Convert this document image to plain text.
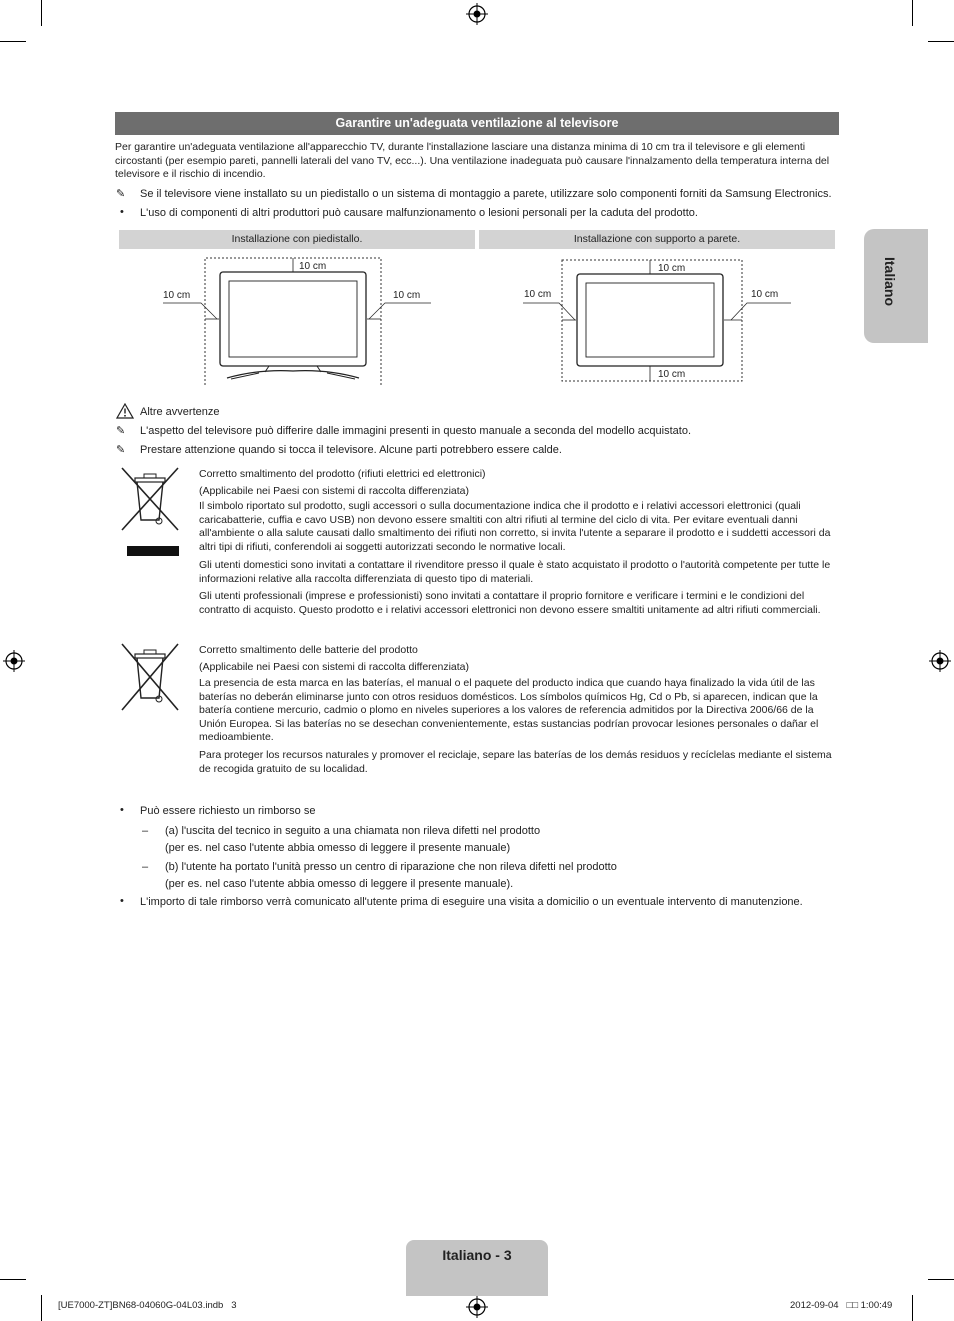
Garantire un'adeguata ventilazione al televisore
Per garantire un'adeguata ventilazione all'apparecchio TV, durante l'installazione lasciare una distanza minima di 10 cm tra il televisore e gli elementi circostanti (per esempio pareti, pannelli laterali del vano TV, ecc...). Una ventilazione inadeguata può causare l'innalzamento della temperatura interna del televisore e il rischio di incendio.
✎ Se il televisore viene installato su un piedistallo o un sistema di montaggio a parete, utilizzare solo componenti forniti da Samsung Electronics.
• L'uso di componenti di altri produttori può causare malfunzionamento o lesioni personali per la caduta del prodotto.
Installazione con piedistallo.	Installazione con supporto a parete.
10 cm
10 cm	10 cm
10 cm
10 cm	10 cm
10 cm
Altre avvertenze
✎ L'aspetto del televisore può differire dalle immagini presenti in questo manuale a seconda del modello acquistato.
✎ Prestare attenzione quando si tocca il televisore. Alcune parti potrebbero essere calde.
Corretto smaltimento del prodotto (rifiuti elettrici ed elettronici)
(Applicabile nei Paesi con sistemi di raccolta differenziata)
Il simbolo riportato sul prodotto, sugli accessori o sulla documentazione indica che il prodotto e i relativi accessori elettronici (quali caricabatterie, cuffia e cavo USB) non devono essere smaltiti con altri rifiuti al termine del ciclo di vita. Per evitare eventuali danni all'ambiente o alla salute causati dallo smaltimento dei rifiuti non corretto, si invita l'utente a separare il prodotto e i suddetti accessori da altri tipi di rifiuti, conferendoli ai soggetti autorizzati secondo le normative locali.
Gli utenti domestici sono invitati a contattare il rivenditore presso il quale è stato acquistato il prodotto o l'autorità competente per tutte le informazioni relative alla raccolta differenziata di questo tipo di materiali.
Gli utenti professionali (imprese e professionisti) sono invitati a contattare il proprio fornitore e verificare i termini e le condizioni del contratto di acquisto. Questo prodotto e i relativi accessori elettronici non devono essere smaltiti unitamente ad altri rifiuti commerciali.
Corretto smaltimento delle batterie del prodotto
(Applicabile nei Paesi con sistemi di raccolta differenziata)
La presencia de esta marca en las baterías, el manual o el paquete del producto indica que cuando haya finalizado la vida útil de las baterías no deberán eliminarse junto con otros residuos domésticos. Los símbolos químicos Hg, Cd o Pb, si aparecen, indican que la batería contiene mercurio, cadmio o plomo en niveles superiores a los valores de referencia admitidos por la Directiva 2006/66 de la Unión Europea. Si las baterías no se desechan convenientemente, estas sustancias podrían provocar lesiones personales o dañar el medioambiente.
Para proteger los recursos naturales y promover el reciclaje, separe las baterías de los demás residuos y recíclelas mediante el sistema de recogida gratuito de su localidad.
• Può essere richiesto un rimborso se
– (a) l'uscita del tecnico in seguito a una chiamata non rileva difetti nel prodotto
(per es. nel caso l'utente abbia omesso di leggere il presente manuale)
– (b) l'utente ha portato l'unità presso un centro di riparazione che non rileva difetti nel prodotto
(per es. nel caso l'utente abbia omesso di leggere il presente manuale).
• L'importo di tale rimborso verrà comunicato all'utente prima di eseguire una visita a domicilio o un eventuale intervento di manutenzione.
Italiano
Italiano - 3
[UE7000-ZT]BN68-04060G-04L03.indb   3	2012-09-04   □□ 1:00:49
